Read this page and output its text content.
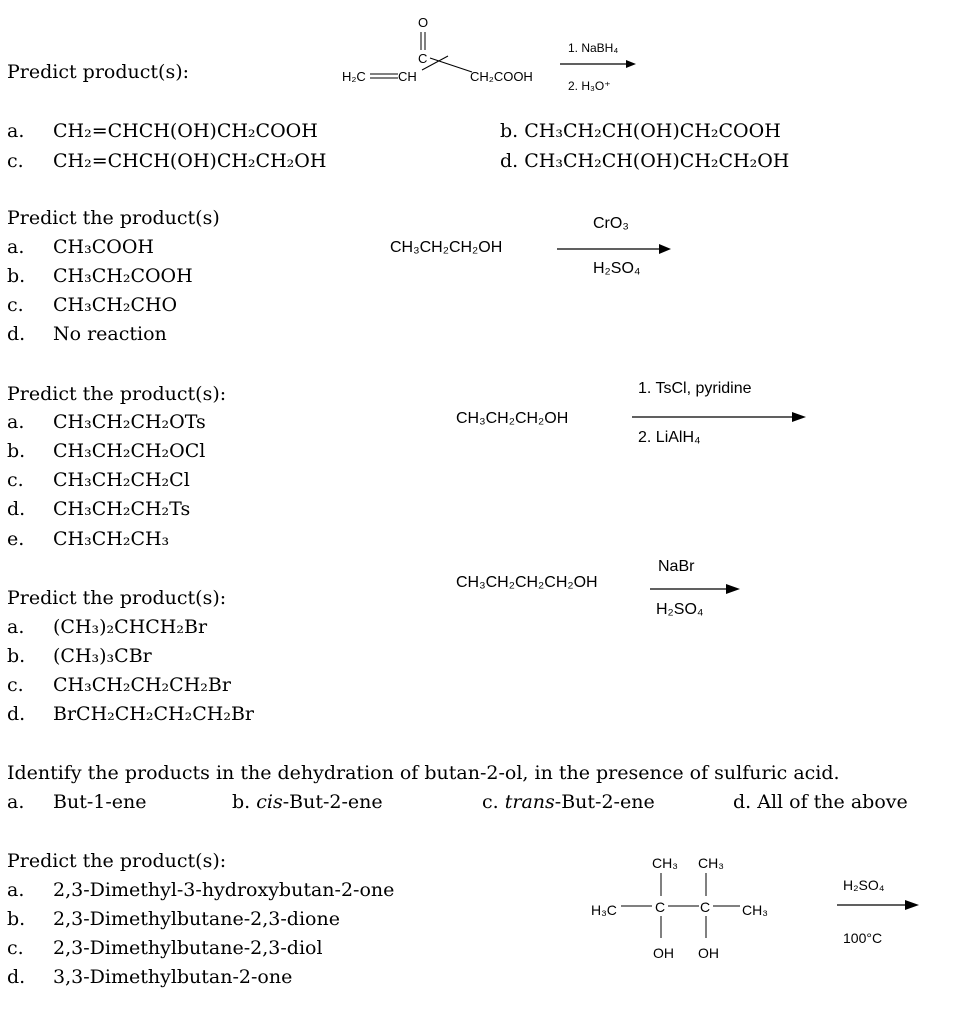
Predict product(s):	H₂C CH
O
C
CH₂COOH
1. NaBH₄
2. H₃O⁺
a. CH₂=CHCH(OH)CH₂COOH	b. CH₃CH₂CH(OH)CH₂COOH
c. CH₂=CHCH(OH)CH₂CH₂OH	d. CH₃CH₂CH(OH)CH₂CH₂OH
Predict the product(s)
a. CH₃COOH
b. CH₃CH₂COOH
c. CH₃CH₂CHO
d. No reaction
CH₃CH₂CH₂OH
CrO₃
H₂SO₄
Predict the product(s):
a. CH₃CH₂CH₂OTs
b. CH₃CH₂CH₂OCl
c. CH₃CH₂CH₂Cl
d. CH₃CH₂CH₂Ts
e. CH₃CH₂CH₃
CH₃CH₂CH₂OH
1. TsCl, pyridine
2. LiAlH₄
Predict the product(s):
a. (CH₃)₂CHCH₂Br
b. (CH₃)₃CBr
c. CH₃CH₂CH₂CH₂Br
d. BrCH₂CH₂CH₂CH₂Br
CH₃CH₂CH₂CH₂OH
NaBr
H₂SO₄
Identify the products in the dehydration of butan-2-ol, in the presence of sulfuric acid.
a. But-1-ene	b. cis-But-2-ene	c. trans-But-2-ene	d. All of the above
Predict the product(s):
a. 2,3-Dimethyl-3-hydroxybutan-2-one
b. 2,3-Dimethylbutane-2,3-dione
c. 2,3-Dimethylbutane-2,3-diol
d. 3,3-Dimethylbutan-2-one
CH₃ CH₃
H₃C	C C CH₃
OH OH
H₂SO₄
100°C
